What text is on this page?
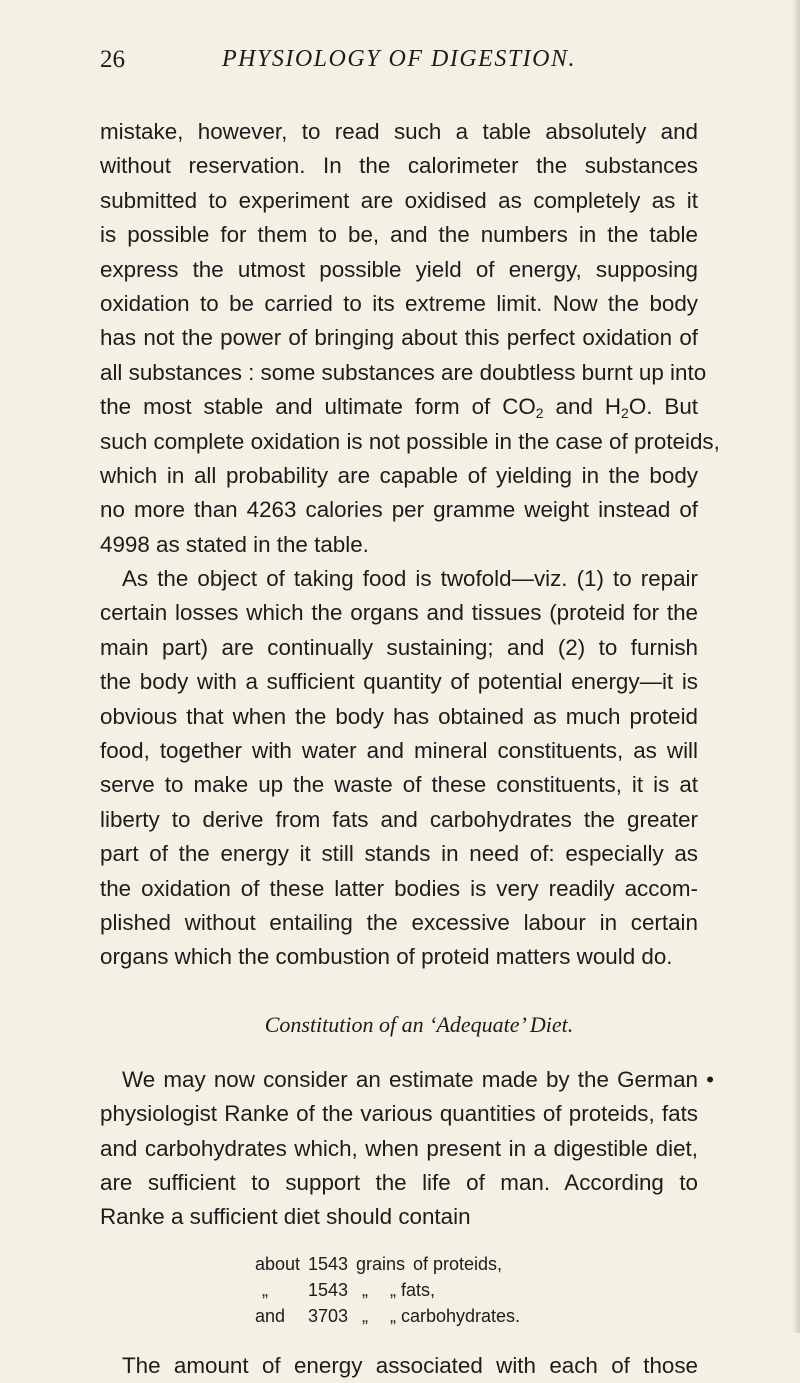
26	PHYSIOLOGY OF DIGESTION.
mistake, however, to read such a table absolutely and
without reservation. In the calorimeter the substances
submitted to experiment are oxidised as completely as it
is possible for them to be, and the numbers in the table
express the utmost possible yield of energy, supposing
oxidation to be carried to its extreme limit. Now the body
has not the power of bringing about this perfect oxidation of
all substances : some substances are doubtless burnt up into
the most stable and ultimate form of $CO_2$ and $H_2O$. But
such complete oxidation is not possible in the case of proteids,
which in all probability are capable of yielding in the body
no more than 4263 calories per gramme weight instead of
4998 as stated in the table.
As the object of taking food is twofold—viz. (1) to repair
certain losses which the organs and tissues (proteid for the
main part) are continually sustaining; and (2) to furnish
the body with a sufficient quantity of potential energy—it is
obvious that when the body has obtained as much proteid
food, together with water and mineral constituents, as will
serve to make up the waste of these constituents, it is at
liberty to derive from fats and carbohydrates the greater
part of the energy it still stands in need of: especially as
the oxidation of these latter bodies is very readily accom-
plished without entailing the excessive labour in certain
organs which the combustion of proteid matters would do.
Constitution of an ‘Adequate’ Diet.
We may now consider an estimate made by the German •
physiologist Ranke of the various quantities of proteids, fats
and carbohydrates which, when present in a digestible diet,
are sufficient to support the life of man. According to
Ranke a sufficient diet should contain
about 1543 grains of proteids,
„ 1543 „ „ fats,
and 3703 „ „ carbohydrates.
The amount of energy associated with each of those
